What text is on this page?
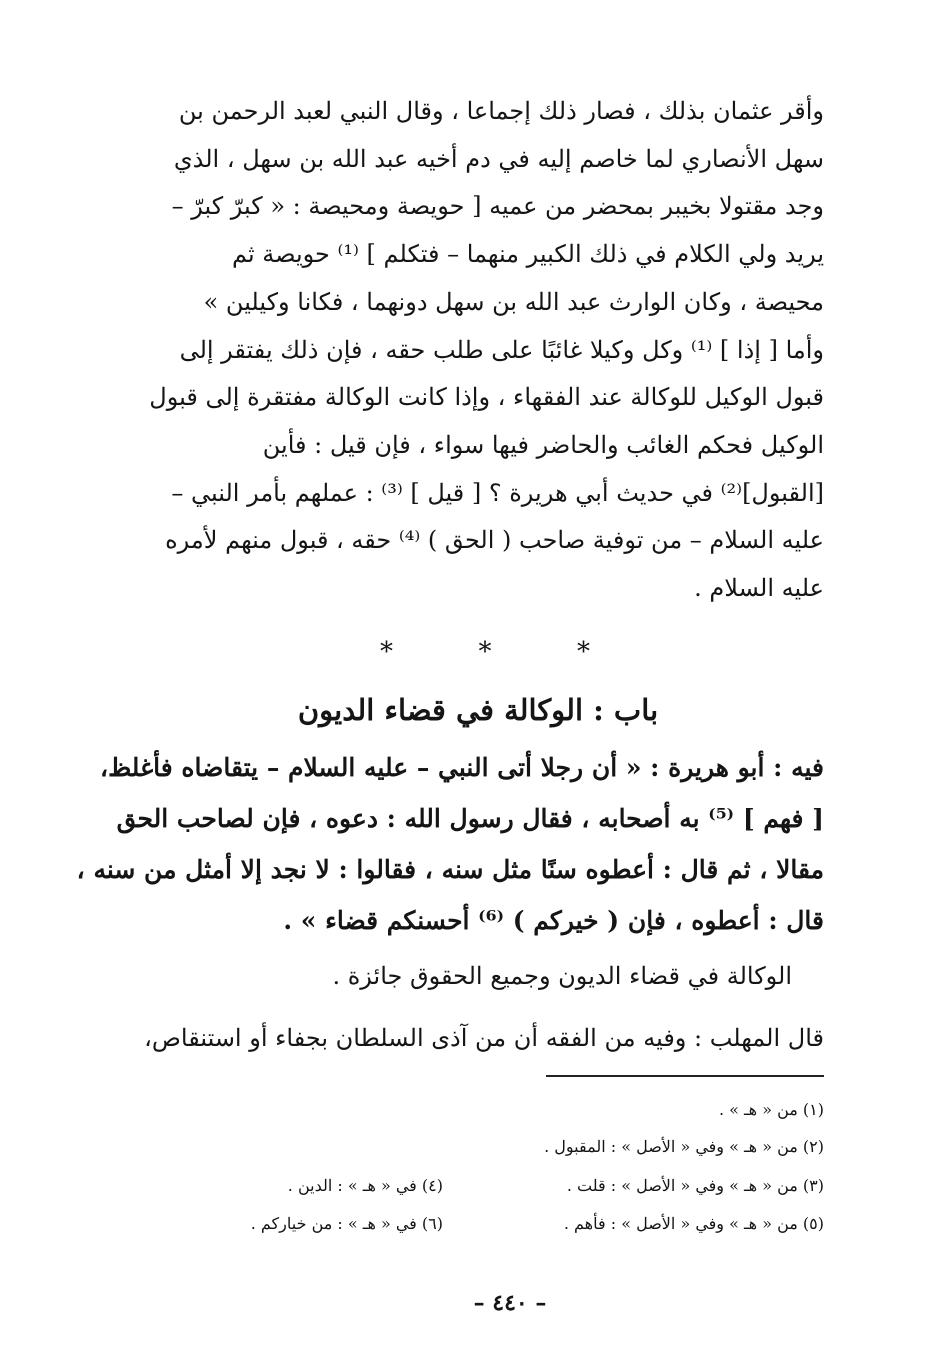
وأقر عثمان بذلك ، فصار ذلك إجماعا ، وقال النبي لعبد الرحمن بن
سهل الأنصاري لما خاصم إليه في دم أخيه عبد الله بن سهل ، الذي
وجد مقتولا بخيبر بمحضر من عميه [ حويصة ومحيصة : « كبرّ كبرّ –
يريد ولي الكلام في ذلك الكبير منهما – فتكلم ] ⁽¹⁾ حويصة ثم
محيصة ، وكان الوارث عبد الله بن سهل دونهما ، فكانا وكيلين »
وأما [ إذا ] ⁽¹⁾ وكل وكيلا غائبًا على طلب حقه ، فإن ذلك يفتقر إلى
قبول الوكيل للوكالة عند الفقهاء ، وإذا كانت الوكالة مفتقرة إلى قبول
الوكيل فحكم الغائب والحاضر فيها سواء ، فإن قيل : فأين
[القبول]⁽²⁾ في حديث أبي هريرة ؟ [ قيل ] ⁽³⁾ : عملهم بأمر النبي –
عليه السلام – من توفية صاحب ( الحق ) ⁽⁴⁾ حقه ، قبول منهم لأمره
عليه السلام .

*	*	*
باب : الوكالة في قضاء الديون

فيه : أبو هريرة : « أن رجلا أتى النبي – عليه السلام – يتقاضاه فأغلظ،
[ فهم ] ⁽⁵⁾ به أصحابه ، فقال رسول الله : دعوه ، فإن لصاحب الحق
مقالا ، ثم قال : أعطوه سنًا مثل سنه ، فقالوا : لا نجد إلا أمثل من سنه ،
قال : أعطوه ، فإن ( خيركم ) ⁽⁶⁾ أحسنكم قضاء » .

الوكالة في قضاء الديون وجميع الحقوق جائزة .

قال المهلب : وفيه من الفقه أن من آذى السلطان بجفاء أو استنقاص،

(١) من « هـ » .
(٢) من « هـ » وفي « الأصل » : المقبول .
(٣) من « هـ » وفي « الأصل » : قلت .
(٤) في « هـ » : الدين .
(٥) من « هـ » وفي « الأصل » : فأهم .
(٦) في « هـ » : من خياركم .
– ٤٤٠ –
